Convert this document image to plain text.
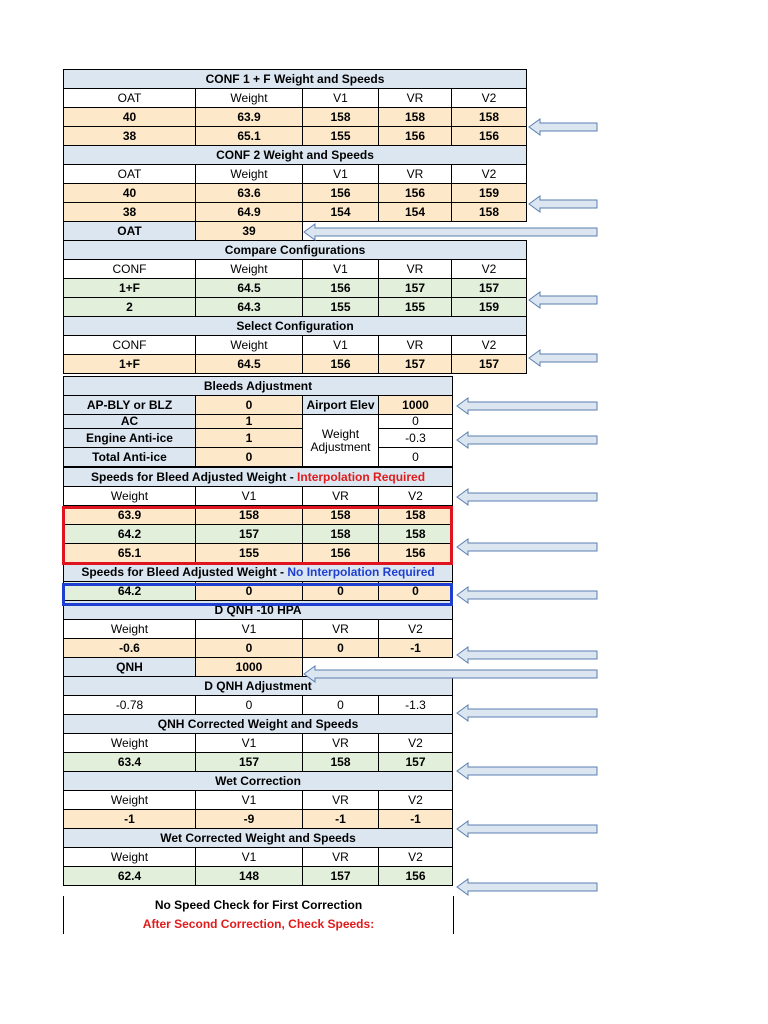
CONF 1 + F Weight and Speeds				
OAT	Weight	V1	VR	V2
40	63.9	158	158	158
38	65.1	155	156	156
CONF 2 Weight and Speeds				
OAT	Weight	V1	VR	V2
40	63.6	156	156	159
38	64.9	154	154	158
OAT	39			
Compare Configurations				
CONF	Weight	V1	VR	V2
1+F	64.5	156	157	157
2	64.3	155	155	159
Select Configuration				
CONF	Weight	V1	VR	V2
1+F	64.5	156	157	157
Bleeds Adjustment			
AP-BLY or BLZ	0	Airport Elev	1000
AC	1	Weight Adjustment	0
Engine Anti-ice	1		-0.3
Total Anti-ice	0		0
Speeds for Bleed Adjusted Weight - Interpolation Required			
Weight	V1	VR	V2
63.9	158	158	158
64.2	157	158	158
65.1	155	156	156
Speeds for Bleed Adjusted Weight - No Interpolation Required			
64.2	0	0	0
D QNH -10 HPA			
Weight	V1	VR	V2
-0.6	0	0	-1
QNH	1000		
D QNH Adjustment			
-0.78	0	0	-1.3
QNH Corrected Weight and Speeds			
Weight	V1	VR	V2
63.4	157	158	157
Wet Correction			
Weight	V1	VR	V2
-1	-9	-1	-1
Wet Corrected Weight and Speeds			
Weight	V1	VR	V2
62.4	148	157	156
No Speed Check for First Correction
After Second Correction, Check Speeds:
